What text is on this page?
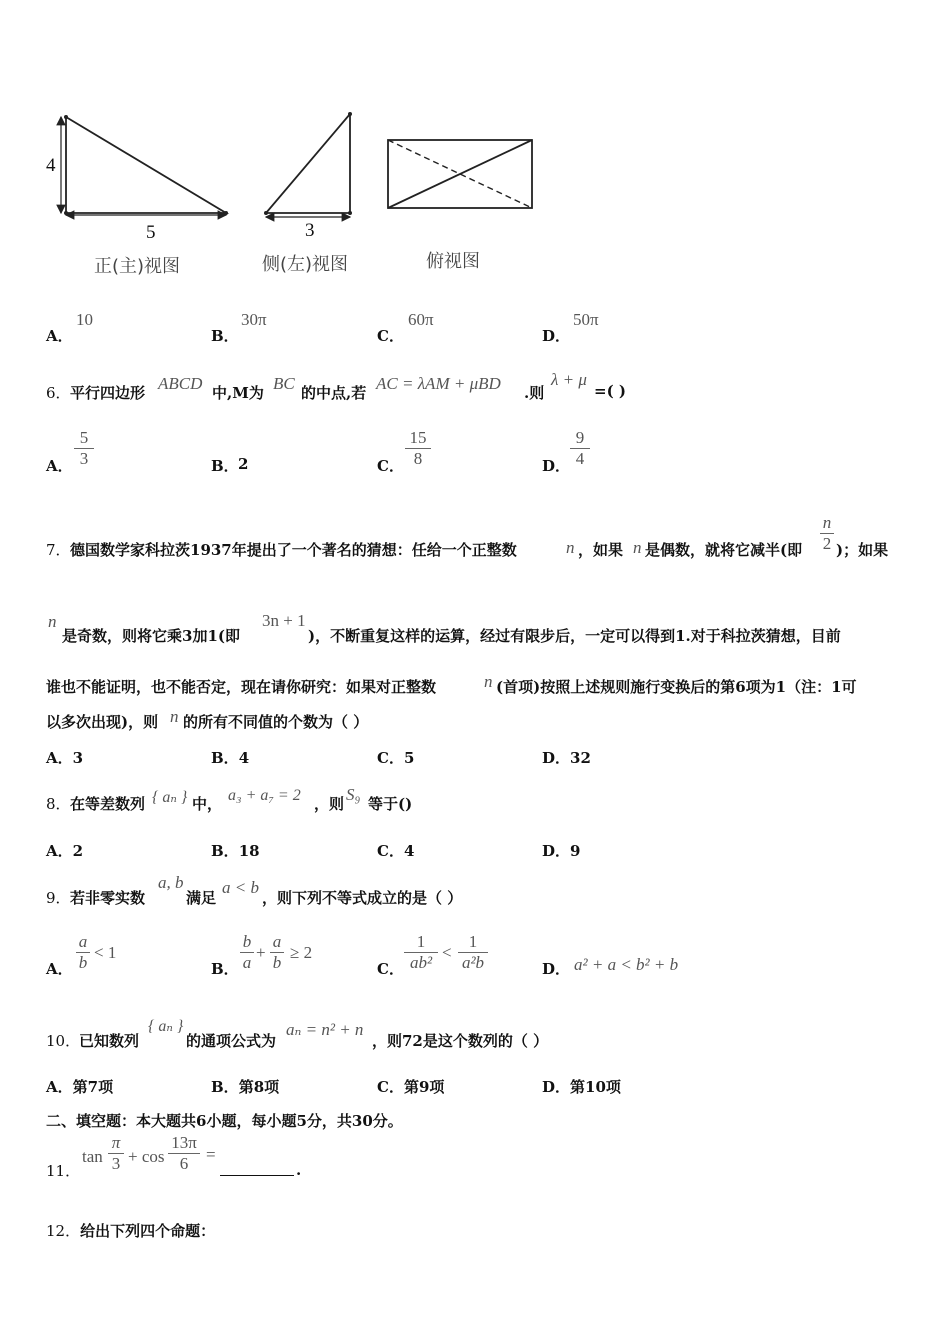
4
5	3
正(主)视图	侧(左)视图	俯视图
A．
10
B．
30π
C．
60π
D．
50π
6． 平行四边形 ABCD 中,M为 BC 的中点,若 AC = λAM + μBD .则
λ + μ
=( )
A． $\frac{5}{3}$	B． 2	C． $\frac{15}{8}$	D． $\frac{9}{4}$
7． 德国数学家科拉茨1937年提出了一个著名的猜想：任给一个正整数	n ，如果 n 是偶数，就将它减半(即 $\frac{n}{2}$ )；如果
n
是奇数，则将它乘3加1(即
3n + 1
)，不断重复这样的运算，经过有限步后，一定可以得到1.对于科拉茨猜想，目前
谁也不能证明，也不能否定，现在请你研究：如果对正整数	n (首项)按照上述规则施行变换后的第6项为1（注：1可
以多次出现)，则 n 的所有不同值的个数为（ ）
A．3	B．4	C．5	D．32
8． 在等差数列 { aₙ } 中， a₃ + a₇ = 2 ，则 S₉ 等于()
A．2	B．18	C．4	D．9
9． 若非零实数
a, b
满足
a < b
，则下列不等式成立的是（ ）
A． $\frac{a}{b} < 1$
B． $\frac{b}{a} + \frac{a}{b} \ge 2$
C． $\frac{1}{\text{ab²}} < \frac{1}{\text{a²b}}$	D． a² + a < b² + b
10．
已知数列
{ aₙ }
的通项公式为
aₙ = n² + n
，则72是这个数列的（ ）
A．第7项	B．第8项	C．第9项	D．第10项
二、填空题：本大题共6小题，每小题5分，共30分。
11．
$\tan \frac{\pi}{3} + \cos \frac{13\pi}{6}$ =
.
12．给出下列四个命题：
